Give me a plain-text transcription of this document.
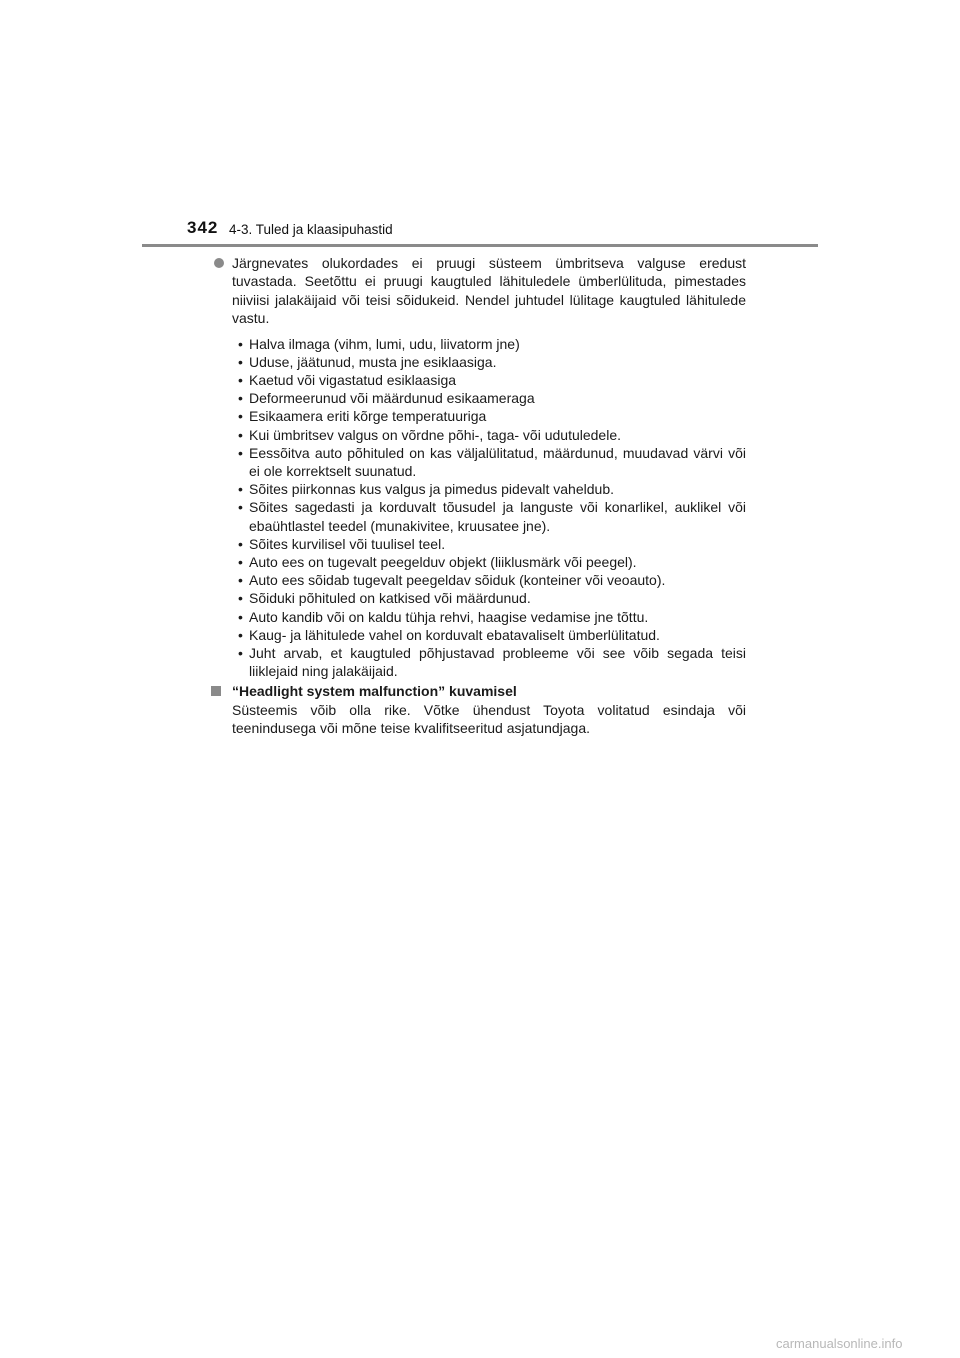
342 4-3. Tuled ja klaasipuhastid
Järgnevates olukordades ei pruugi süsteem ümbritseva valguse eredust tuvastada. Seetõttu ei pruugi kaugtuled lähituledele ümberlülituda, pimestades niiviisi jalakäijaid või teisi sõidukeid. Nendel juhtudel lülitage kaugtuled lähitulede vastu.
• Halva ilmaga (vihm, lumi, udu, liivatorm jne)
• Uduse, jäätunud, musta jne esiklaasiga.
• Kaetud või vigastatud esiklaasiga
• Deformeerunud või määrdunud esikaameraga
• Esikaamera eriti kõrge temperatuuriga
• Kui ümbritsev valgus on võrdne põhi-, taga- või udutuledele.
• Eessõitva auto põhituled on kas väljalülitatud, määrdunud, muudavad värvi või ei ole korrektselt suunatud.
• Sõites piirkonnas kus valgus ja pimedus pidevalt vaheldub.
• Sõites sagedasti ja korduvalt tõusudel ja languste või konarlikel, auklikel või ebaühtlastel teedel (munakivitee, kruusatee jne).
• Sõites kurvilisel või tuulisel teel.
• Auto ees on tugevalt peegelduv objekt (liiklusmärk või peegel).
• Auto ees sõidab tugevalt peegeldav sõiduk (konteiner või veoauto).
• Sõiduki põhituled on katkised või määrdunud.
• Auto kandib või on kaldu tühja rehvi, haagise vedamise jne tõttu.
• Kaug- ja lähitulede vahel on korduvalt ebatavaliselt ümberlülitatud.
• Juht arvab, et kaugtuled põhjustavad probleeme või see võib segada teisi liiklejaid ning jalakäijaid.
“Headlight system malfunction” kuvamisel
Süsteemis võib olla rike. Võtke ühendust Toyota volitatud esindaja või teenindusega või mõne teise kvalifitseeritud asjatundjaga.
carmanualsonline.info
